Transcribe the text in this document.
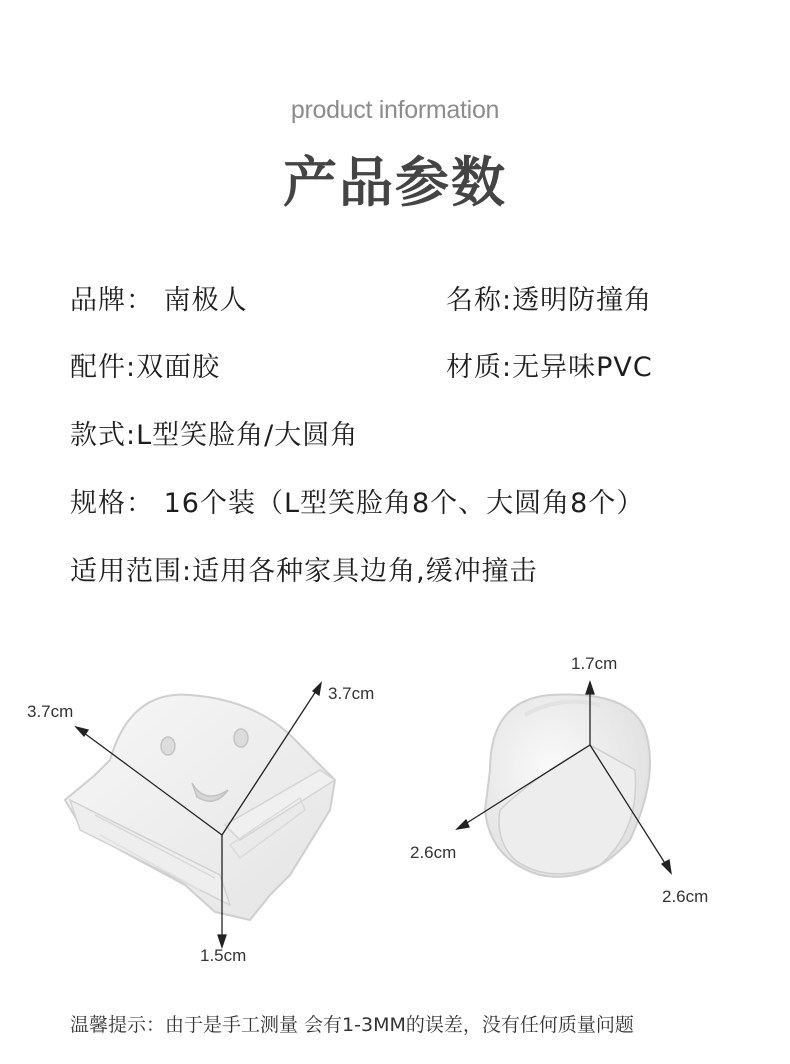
product information
产品参数
品牌： 南极人	名称:透明防撞角
配件:双面胶	材质:无异味PVC
款式:L型笑脸角/大圆角
规格： 16个装（L型笑脸角8个、大圆角8个）
适用范围:适用各种家具边角,缓冲撞击
3.7cm
3.7cm
1.5cm
1.7cm
2.6cm
2.6cm
温馨提示：由于是手工测量 会有1-3MM的误差，没有任何质量问题
